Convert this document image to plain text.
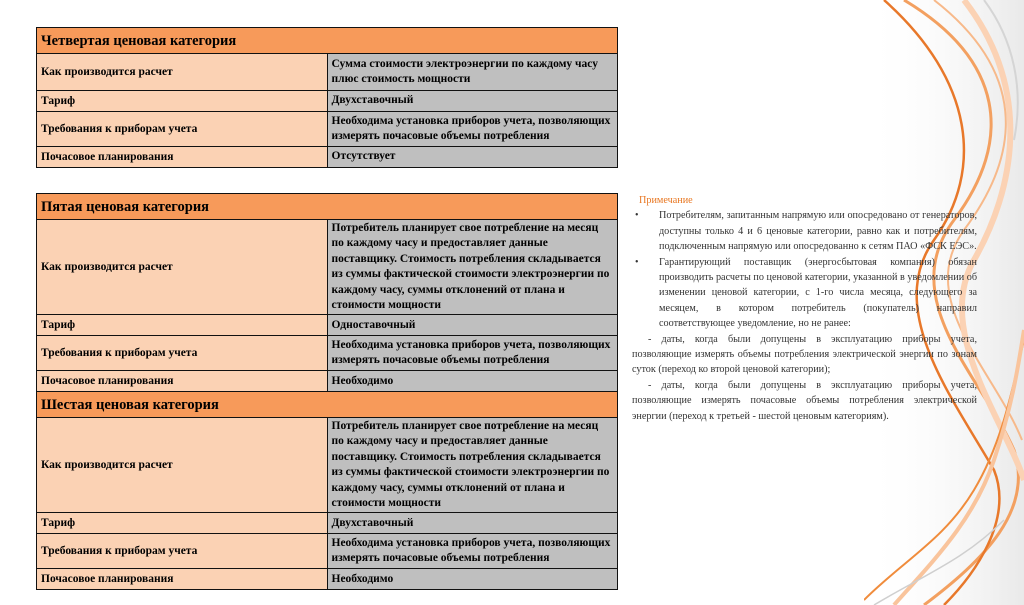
Четвертая ценовая категория	
Как производится расчет	Сумма стоимости электроэнергии по каждому часу плюс стоимость мощности
Тариф	Двухставочный
Требования к приборам учета	Необходима установка приборов учета, позволяющих измерять почасовые объемы потребления
Почасовое планирования	Отсутствует
Пятая ценовая категория	
Как производится расчет	Потребитель планирует свое потребление на месяц по каждому часу и предоставляет данные поставщику. Стоимость потребления складывается из суммы фактической стоимости электроэнергии по каждому часу, суммы отклонений от плана и стоимости мощности
Тариф	Одноставочный
Требования к приборам учета	Необходима установка приборов учета, позволяющих измерять почасовые объемы потребления
Почасовое планирования	Необходимо
Шестая ценовая категория	
Как производится расчет	Потребитель планирует свое потребление на месяц по каждому часу и предоставляет данные поставщику. Стоимость потребления складывается из суммы фактической стоимости электроэнергии по каждому часу, суммы отклонений от плана и стоимости мощности
Тариф	Двухставочный
Требования к приборам учета	Необходима установка приборов учета, позволяющих измерять почасовые объемы потребления
Почасовое планирования	Необходимо
Примечание
• Потребителям, запитанным напрямую или опосредовано от генераторов, доступны только 4 и 6 ценовые категории, равно как и потребителям, подключенным напрямую или опосредованно к сетям ПАО «ФСК ЕЭС».
• Гарантирующий поставщик (энергосбытовая компания) обязан производить расчеты по ценовой категории, указанной в уведомлении об изменении ценовой категории, с 1-го числа месяца, следующего за месяцем, в котором потребитель (покупатель) направил соответствующее уведомление, но не ранее:
- даты, когда были допущены в эксплуатацию приборы учета, позволяющие измерять объемы потребления электрической энергии по зонам суток (переход ко второй ценовой категории);
- даты, когда были допущены в эксплуатацию приборы учета, позволяющие измерять почасовые объемы потребления электрической энергии (переход к третьей - шестой ценовым категориям).
